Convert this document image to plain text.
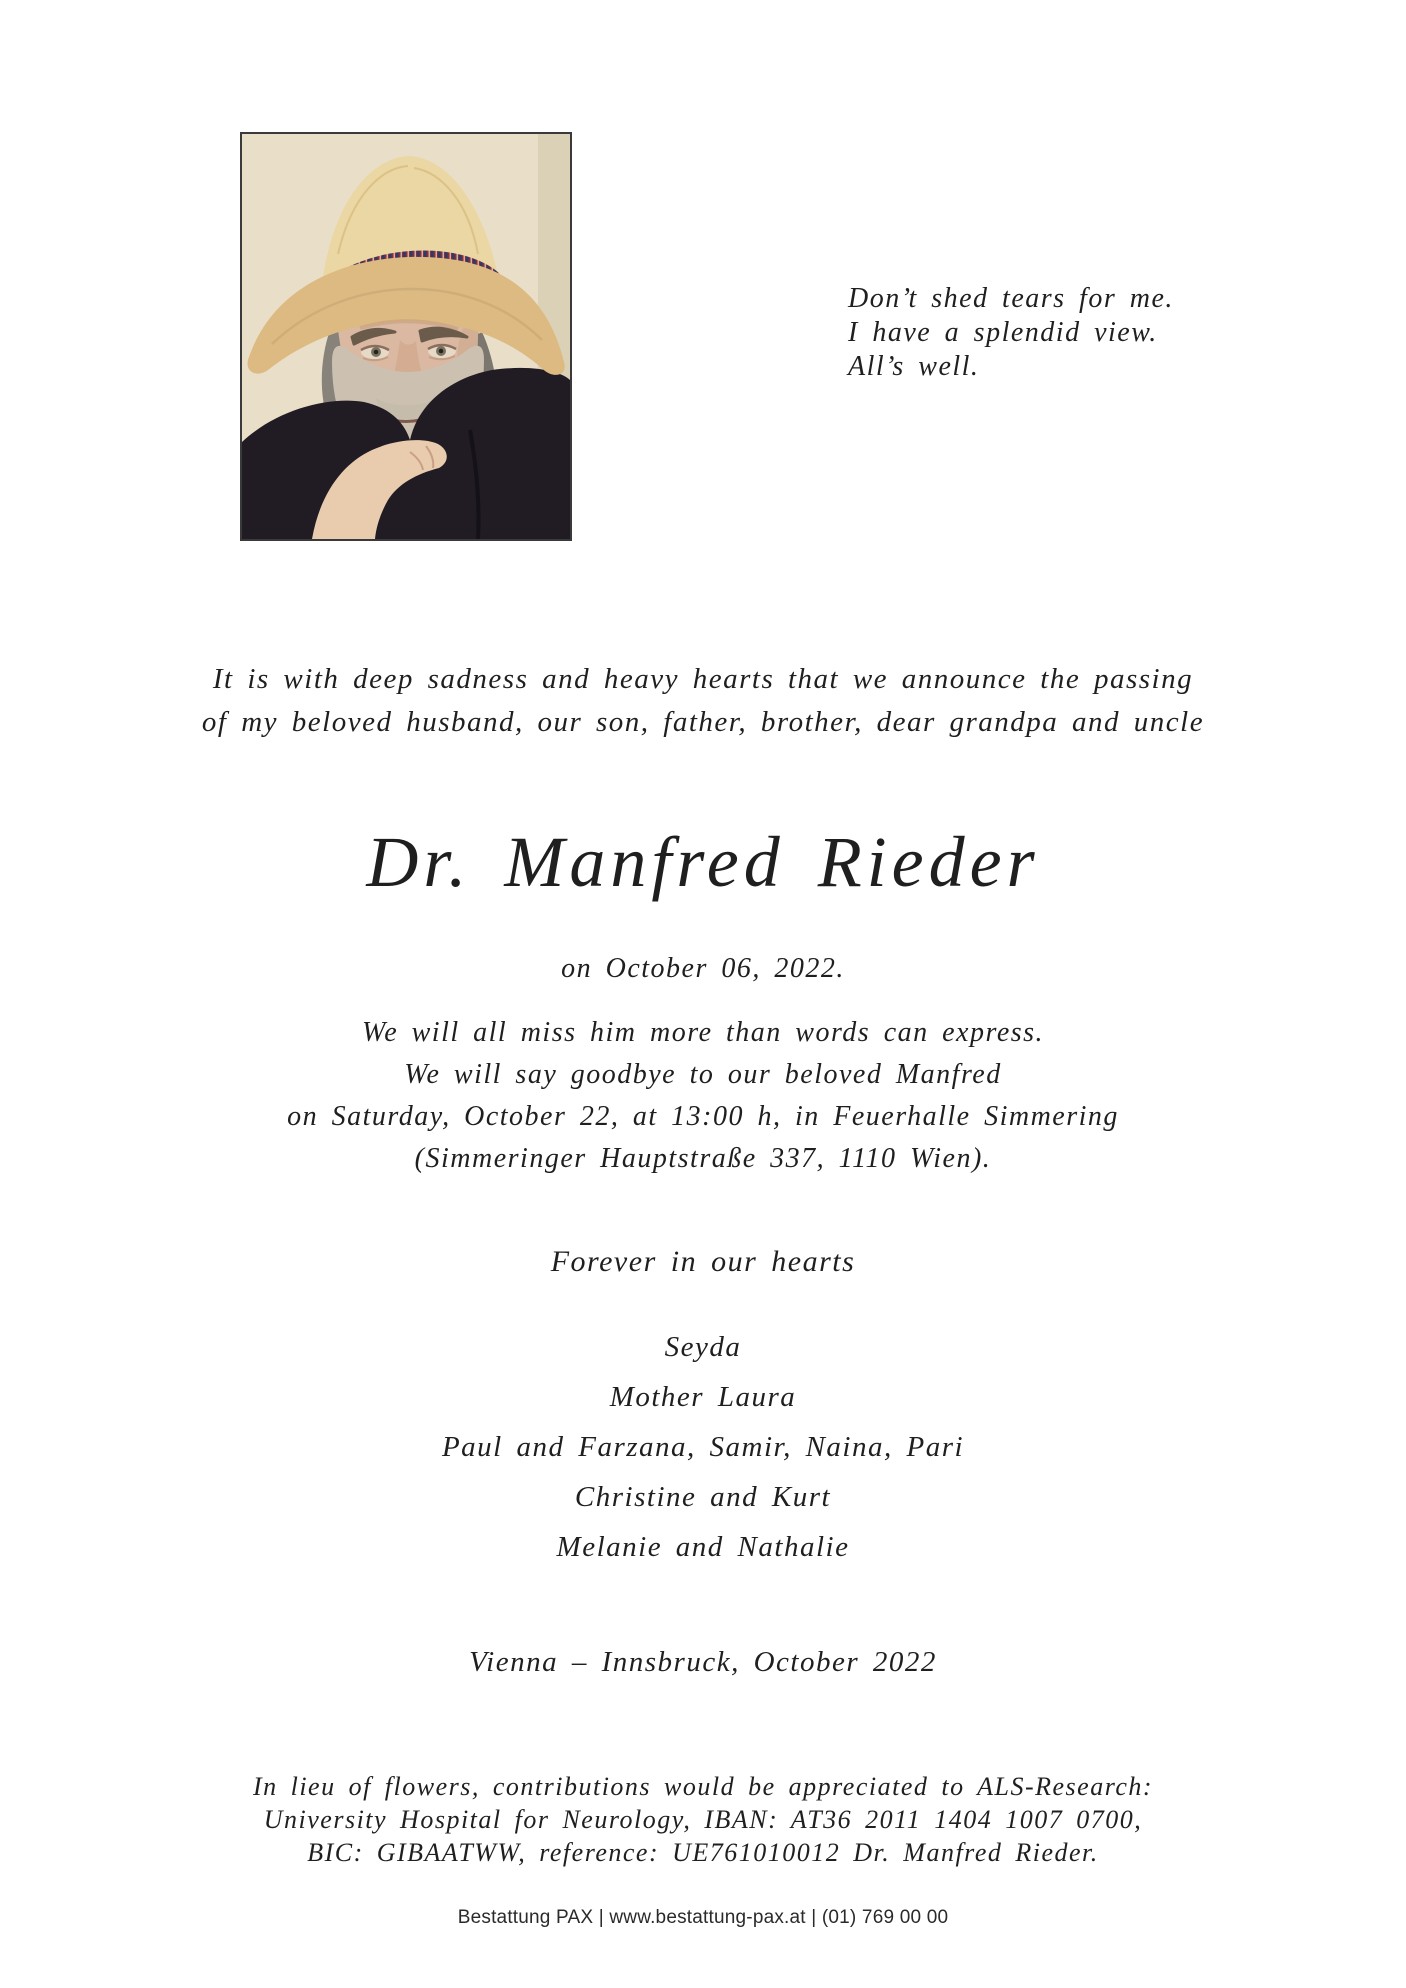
Don’t shed tears for me.
I have a splendid view.
All’s well.
It is with deep sadness and heavy hearts that we announce the passing
of my beloved husband, our son, father, brother, dear grandpa and uncle
Dr. Manfred Rieder
on October 06, 2022.
We will all miss him more than words can express.
We will say goodbye to our beloved Manfred
on Saturday, October 22, at 13:00 h, in Feuerhalle Simmering
(Simmeringer Hauptstraße 337, 1110 Wien).
Forever in our hearts
Seyda
Mother Laura
Paul and Farzana, Samir, Naina, Pari
Christine and Kurt
Melanie and Nathalie
Vienna – Innsbruck, October 2022
In lieu of flowers, contributions would be appreciated to ALS-Research:
University Hospital for Neurology, IBAN: AT36 2011 1404 1007 0700,
BIC: GIBAATWW, reference: UE761010012 Dr. Manfred Rieder.
Bestattung PAX | www.bestattung-pax.at | (01) 769 00 00
